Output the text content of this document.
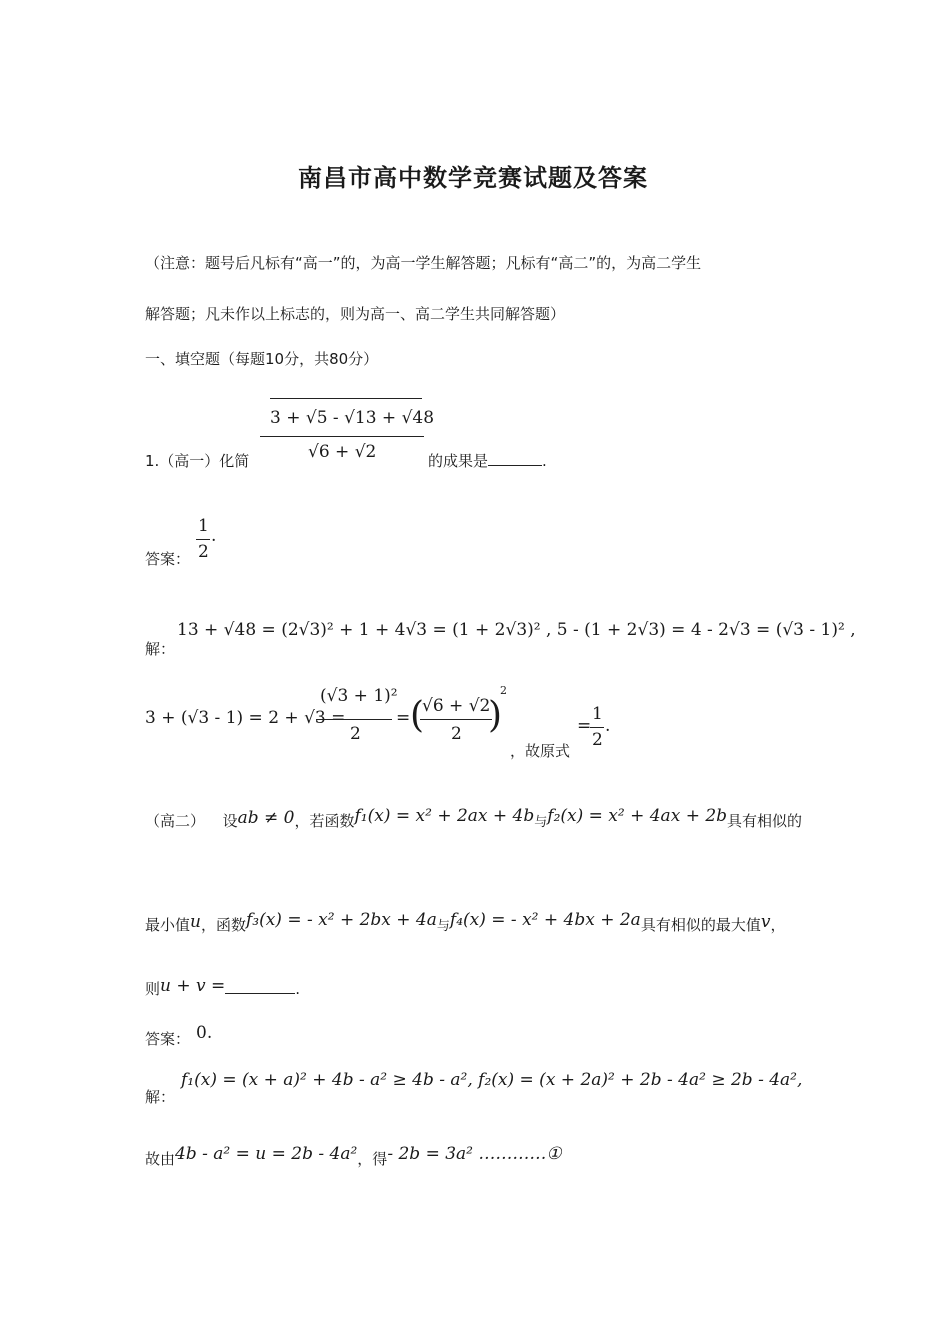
南昌市高中数学竞赛试题及答案
（注意：题号后凡标有“高一”的，为高一学生解答题；凡标有“高二”的，为高二学生
解答题；凡未作以上标志的，则为高一、高二学生共同解答题）
一、填空题（每题10分，共80分）
1.（高一）化简
3 + √5 - √13 + √48
√6 + √2	的成果是	.
答案：
1
2
.
解：
13 + √48 = (2√3)² + 1 + 4√3 = (1 + 2√3)² , 5 - (1 + 2√3) = 4 - 2√3 = (√3 - 1)² ,
3 + (√3 - 1) = 2 + √3 =
(√3 + 1)²
2
= (
√6 + √2
2 )
2
，故原式
=
1
2
.
（高二） 设ab ≠ 0，若函数f₁(x) = x² + 2ax + 4b与f₂(x) = x² + 4ax + 2b具有相似的
最小值u，函数f₃(x) = - x² + 2bx + 4a与f₄(x) = - x² + 4bx + 2a具有相似的最大值v，
则u + v =	.
答案： 0.
解：
f₁(x) = (x + a)² + 4b - a² ≥ 4b - a², f₂(x) = (x + 2a)² + 2b - 4a² ≥ 2b - 4a²,
故由4b - a² = u = 2b - 4a²，得- 2b = 3a² …………①
